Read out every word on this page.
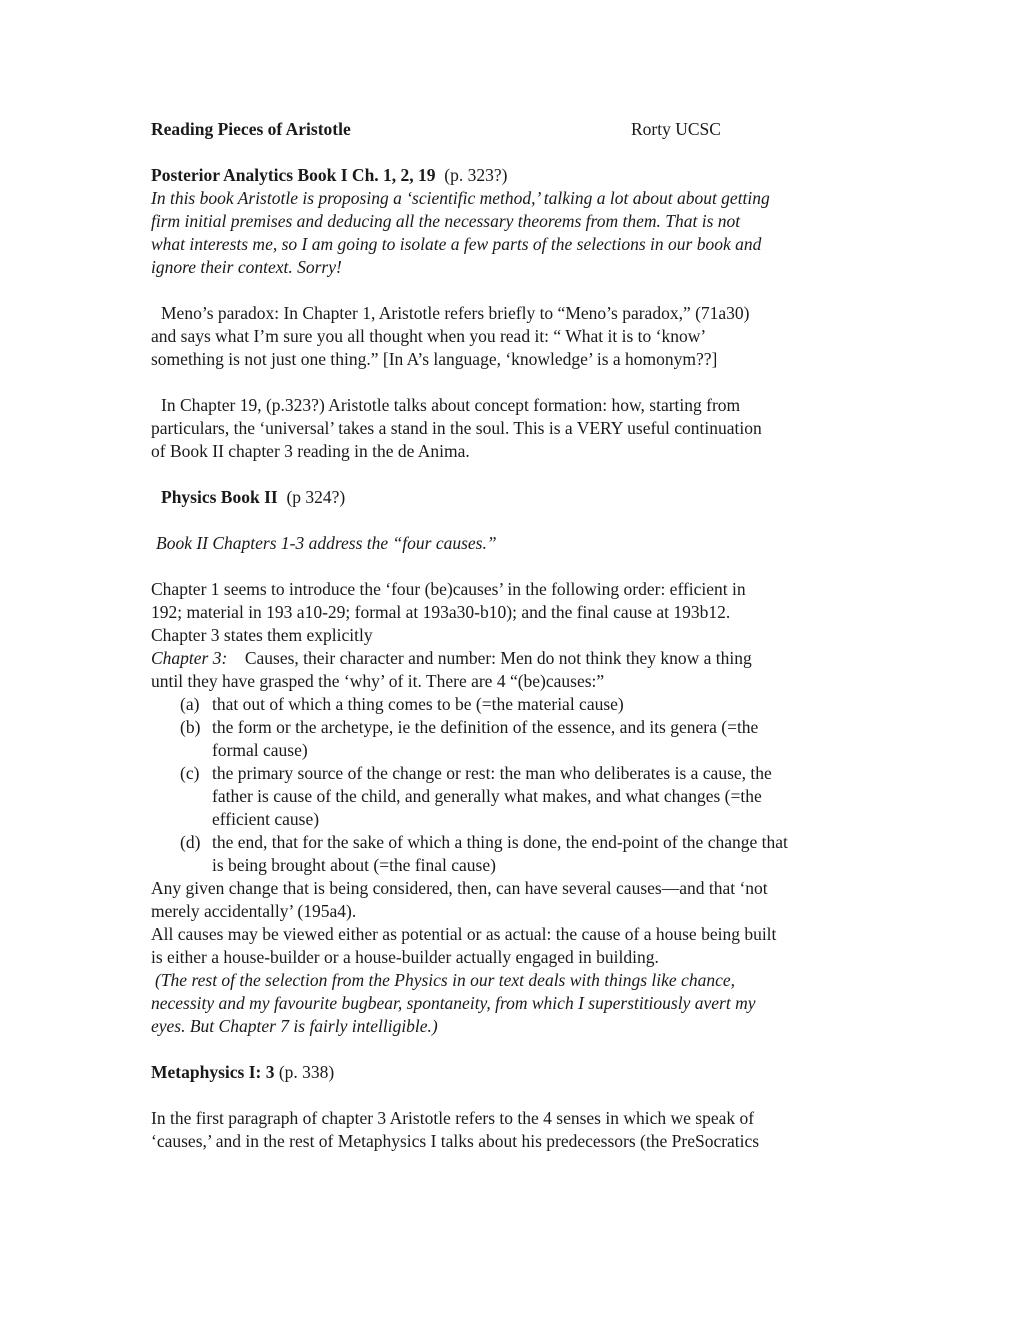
Reading Pieces of Aristotle	Rorty UCSC
Posterior Analytics Book I Ch. 1, 2, 19 (p. 323?)
In this book Aristotle is proposing a ‘scientific method,’ talking a lot about about getting
firm initial premises and deducing all the necessary theorems from them. That is not
what interests me, so I am going to isolate a few parts of the selections in our book and
ignore their context. Sorry!
Meno’s paradox: In Chapter 1, Aristotle refers briefly to “Meno’s paradox,” (71a30)
and says what I’m sure you all thought when you read it: “ What it is to ‘know’
something is not just one thing.” [In A’s language, ‘knowledge’ is a homonym??]
In Chapter 19, (p.323?) Aristotle talks about concept formation: how, starting from
particulars, the ‘universal’ takes a stand in the soul. This is a VERY useful continuation
of Book II chapter 3 reading in the de Anima.
Physics Book II (p 324?)
Book II Chapters 1-3 address the “four causes.”
Chapter 1 seems to introduce the ‘four (be)causes’ in the following order: efficient in
192; material in 193 a10-29; formal at 193a30-b10); and the final cause at 193b12.
Chapter 3 states them explicitly
Chapter 3: Causes, their character and number: Men do not think they know a thing
until they have grasped the ‘why’ of it. There are 4 “(be)causes:”
(a) that out of which a thing comes to be (=the material cause)
(b) the form or the archetype, ie the definition of the essence, and its genera (=the
formal cause)
(c) the primary source of the change or rest: the man who deliberates is a cause, the
father is cause of the child, and generally what makes, and what changes (=the
efficient cause)
(d) the end, that for the sake of which a thing is done, the end-point of the change that
is being brought about (=the final cause)
Any given change that is being considered, then, can have several causes—and that ‘not
merely accidentally’ (195a4).
All causes may be viewed either as potential or as actual: the cause of a house being built
is either a house-builder or a house-builder actually engaged in building.
(The rest of the selection from the Physics in our text deals with things like chance,
necessity and my favourite bugbear, spontaneity, from which I superstitiously avert my
eyes. But Chapter 7 is fairly intelligible.)
Metaphysics I: 3 (p. 338)
In the first paragraph of chapter 3 Aristotle refers to the 4 senses in which we speak of
‘causes,’ and in the rest of Metaphysics I talks about his predecessors (the PreSocratics
